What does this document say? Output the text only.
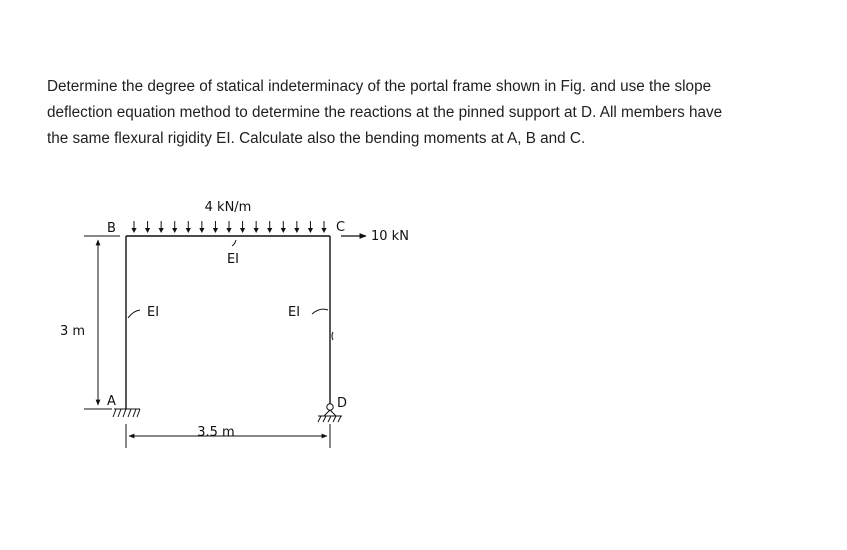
Determine the degree of statical indeterminacy of the portal frame shown in Fig. and use the slope
deflection equation method to determine the reactions at the pinned support at D. All members have
the same flexural rigidity EI. Calculate also the bending moments at A, B and C.

4 kN/m
10 kN
EI
EI	EI
3 m
3.5 m
A
B	C
D
